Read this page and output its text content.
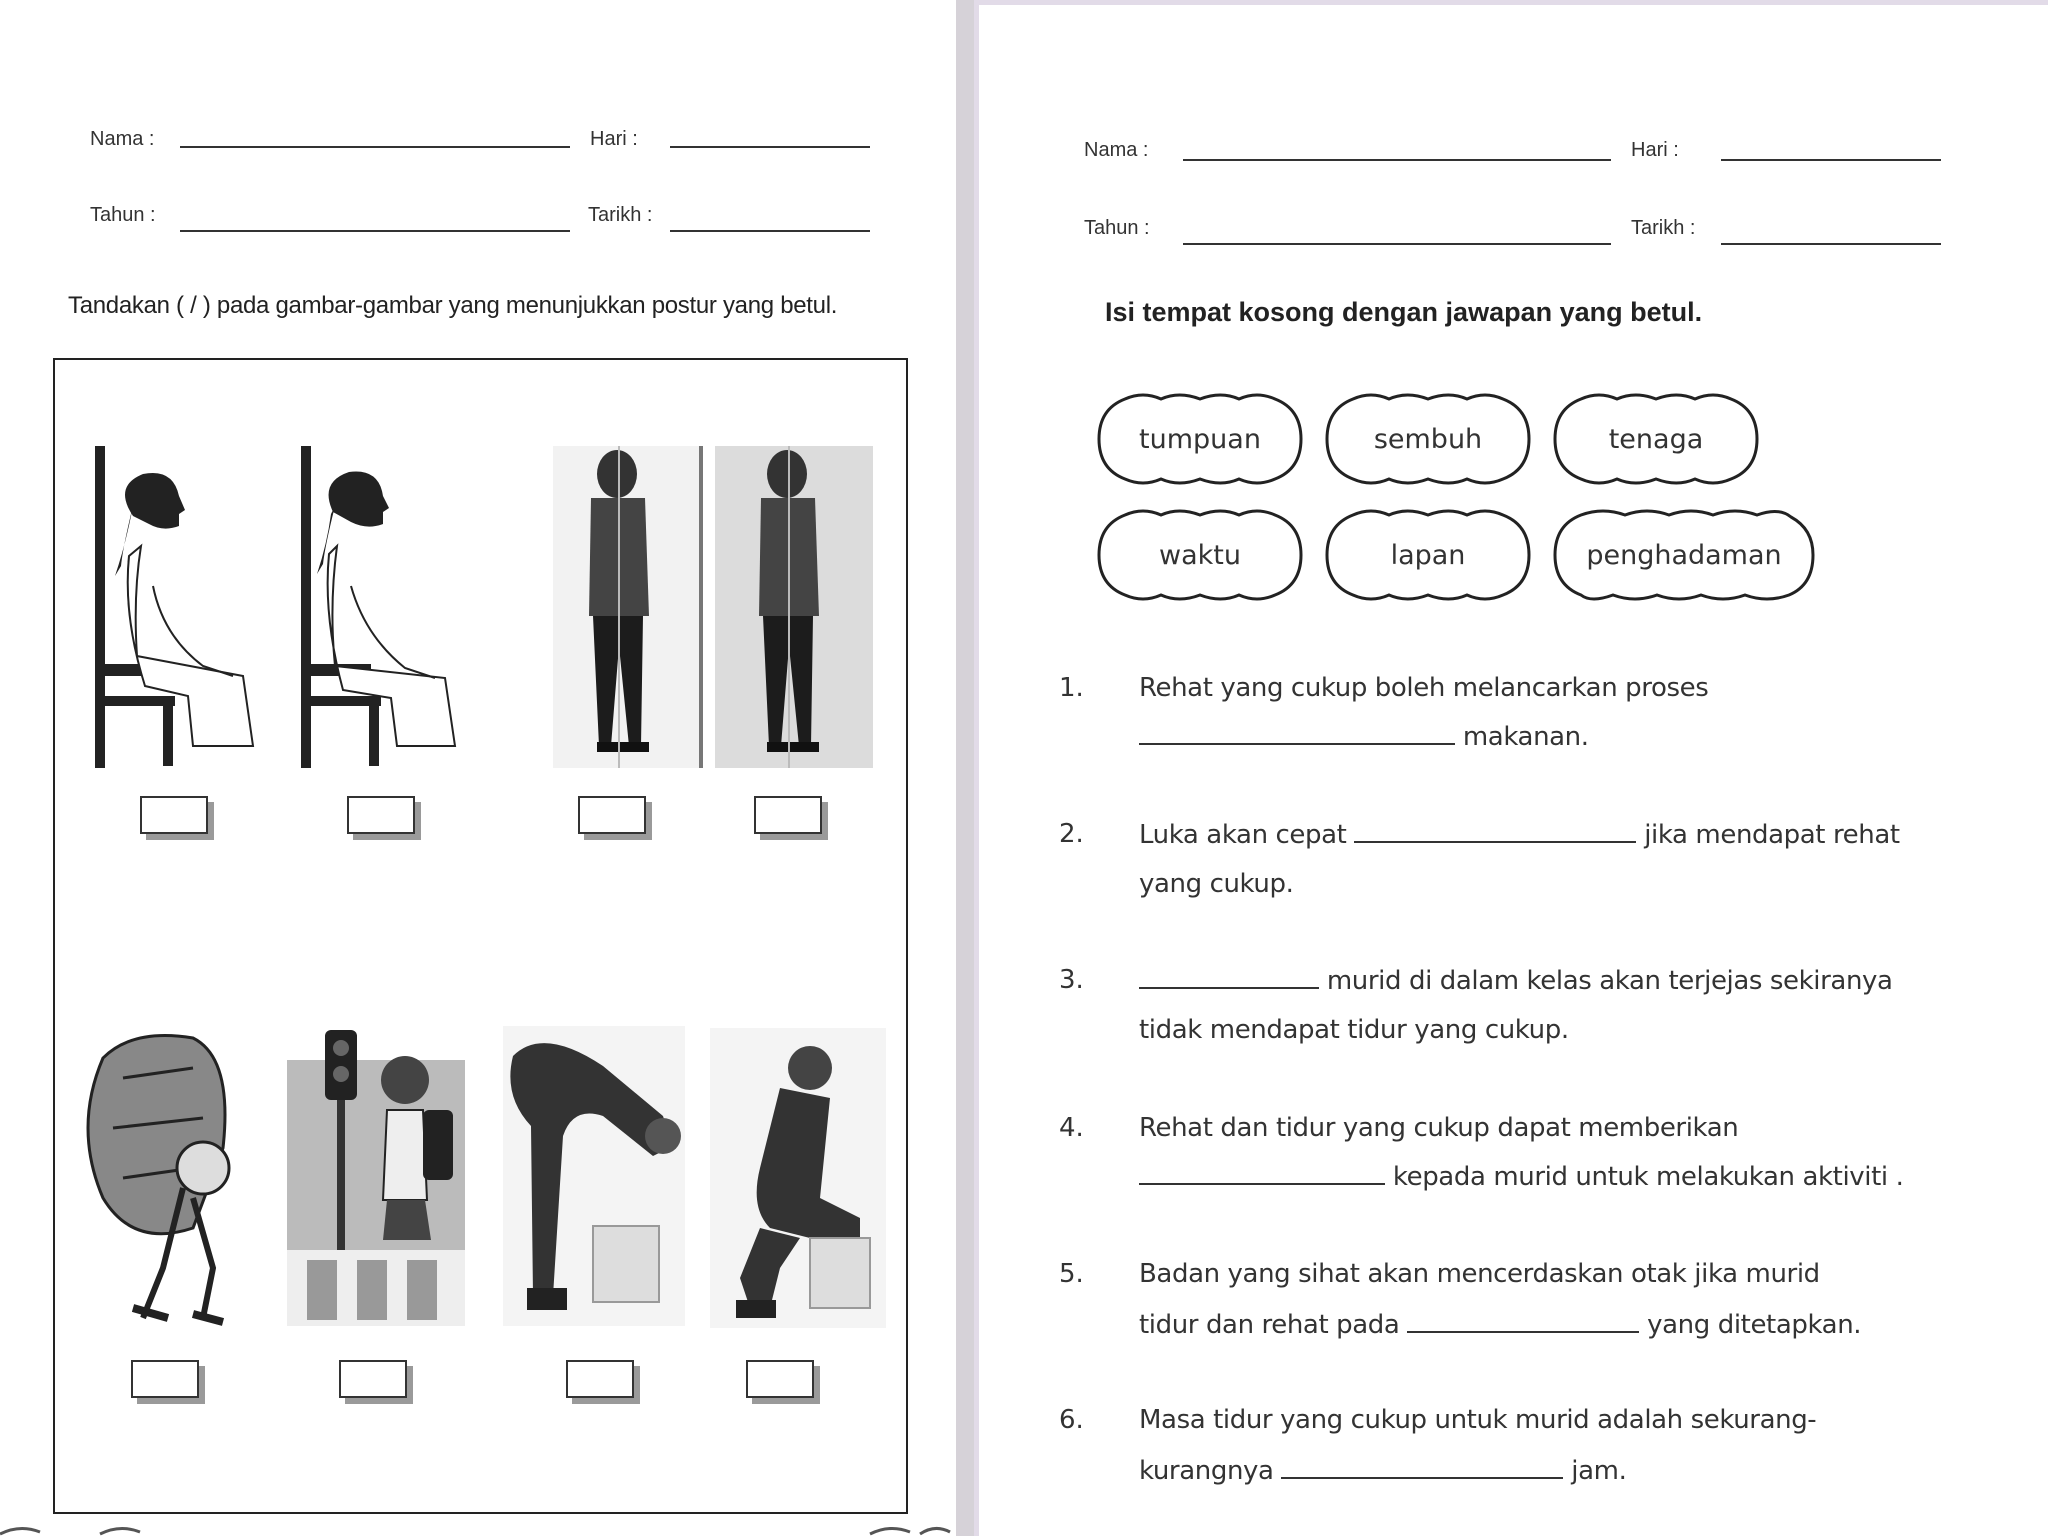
Nama :	Hari :
Tahun :	Tarikh :
Tandakan ( / ) pada gambar-gambar yang menunjukkan postur yang betul.
Nama :	Hari :
Tahun :	Tarikh :
Isi tempat kosong dengan jawapan yang betul.
tumpuan	sembuh	tenaga
waktu	lapan	penghadaman
1. Rehat yang cukup boleh melancarkan proses
makanan.
2. Luka akan cepat	jika mendapat rehat
yang cukup.
3.	murid di dalam kelas akan terjejas sekiranya
tidak mendapat tidur yang cukup.
4. Rehat dan tidur yang cukup dapat memberikan
kepada murid untuk melakukan aktiviti .
5. Badan yang sihat akan mencerdaskan otak jika murid
tidur dan rehat pada	yang ditetapkan.
6. Masa tidur yang cukup untuk murid adalah sekurang-
kurangnya	jam.
